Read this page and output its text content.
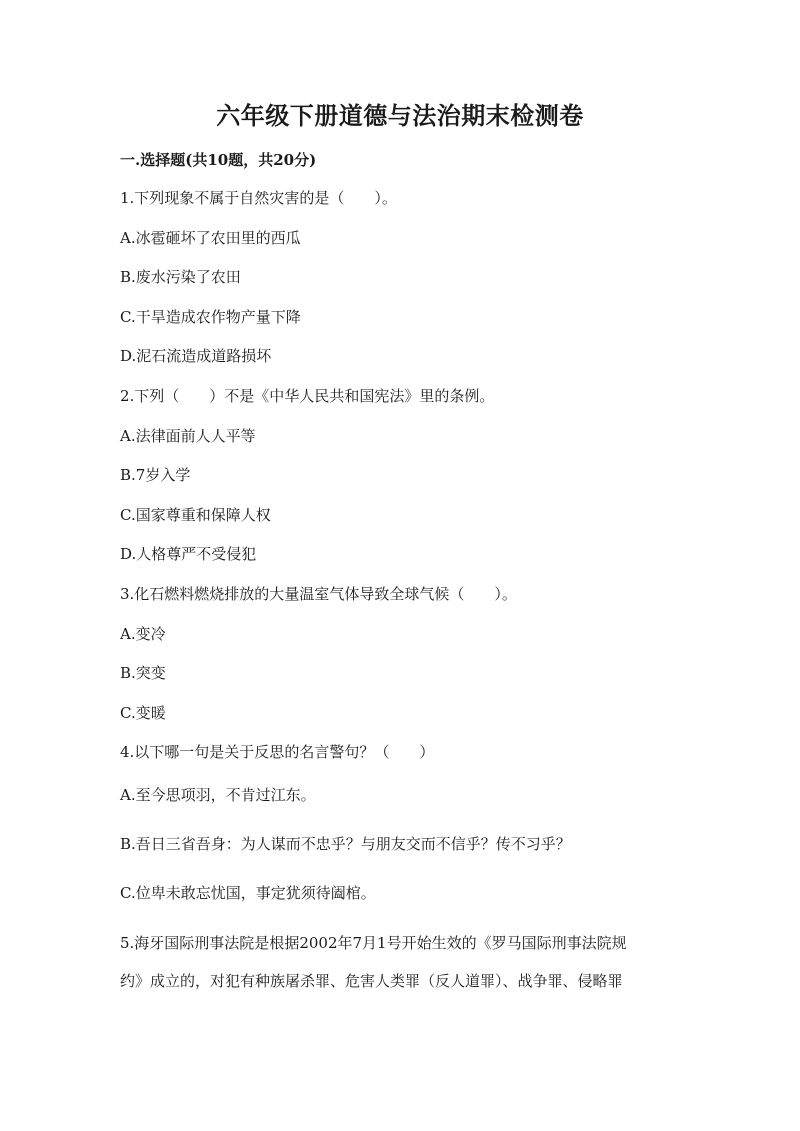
六年级下册道德与法治期末检测卷
一.选择题(共10题，共20分)
1.下列现象不属于自然灾害的是（　　）。
A.冰雹砸坏了农田里的西瓜
B.废水污染了农田
C.干旱造成农作物产量下降
D.泥石流造成道路损坏
2.下列（　　）不是《中华人民共和国宪法》里的条例。
A.法律面前人人平等
B.7岁入学
C.国家尊重和保障人权
D.人格尊严不受侵犯
3.化石燃料燃烧排放的大量温室气体导致全球气候（　　）。
A.变冷
B.突变
C.变暖
4.以下哪一句是关于反思的名言警句？（　　）
A.至今思项羽，不肯过江东。
B.吾日三省吾身：为人谋而不忠乎？与朋友交而不信乎？传不习乎？
C.位卑未敢忘忧国，事定犹须待阖棺。
5.海牙国际刑事法院是根据2002年7月1号开始生效的《罗马国际刑事法院规
约》成立的，对犯有种族屠杀罪、危害人类罪（反人道罪）、战争罪、侵略罪
